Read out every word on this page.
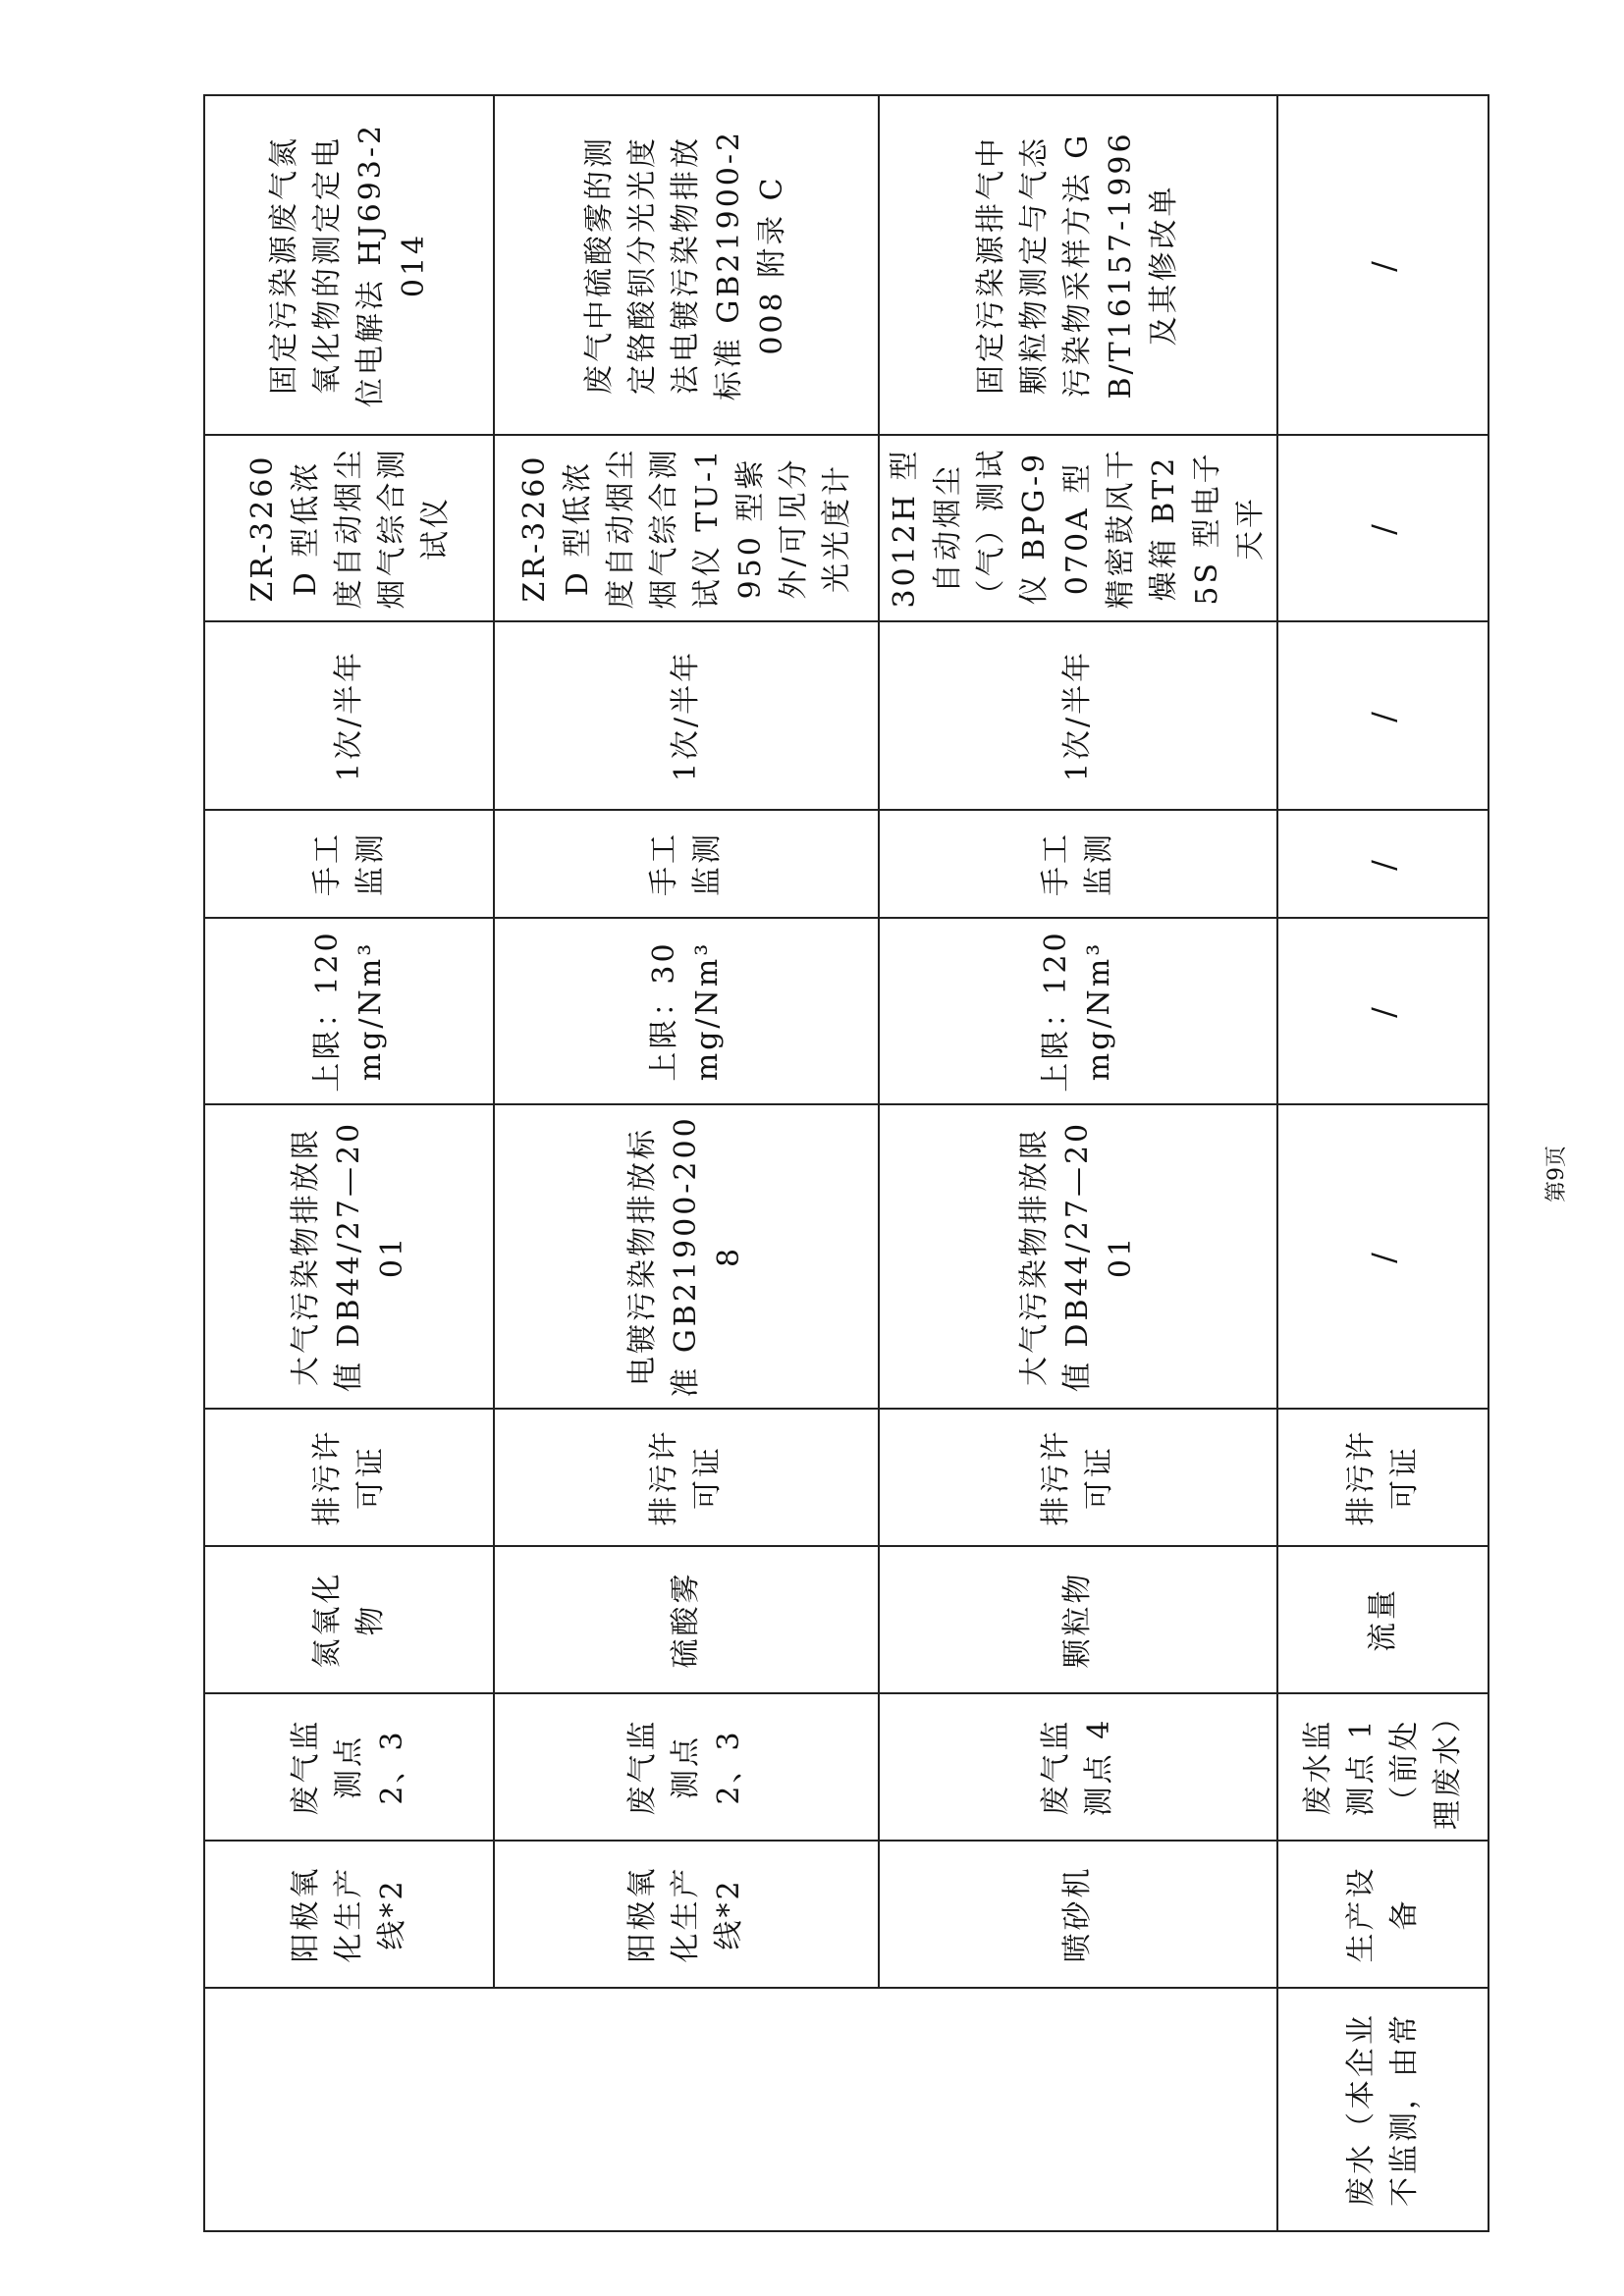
	阳极氧化生产线*2	废气监测点 2、3	氮氧化物	排污许可证	大气污染物排放限值 DB44/27—2001	上限：120mg/Nm³	手工监测	1次/半年	ZR-3260D 型低浓度自动烟尘烟气综合测试仪	固定污染源废气氮氧化物的测定定电位电解法 HJ693-2014
	阳极氧化生产线*2	废气监测点 2、3	硫酸雾	排污许可证	电镀污染物排放标准 GB21900-2008	上限：30mg/Nm³	手工监测	1次/半年	ZR-3260D 型低浓度自动烟尘烟气综合测试仪 TU-1950 型紫外/可见分光光度计	废气中硫酸雾的测定铬酸钡分光光度法电镀污染物排放标准 GB21900-2008 附录 C
	喷砂机	废气监测点 4	颗粒物	排污许可证	大气污染物排放限值 DB44/27—2001	上限：120mg/Nm³	手工监测	1次/半年	3012H 型自动烟尘（气）测试仪 BPG-9070A 型精密鼓风干燥箱 BT25S 型电子天平	固定污染源排气中颗粒物测定与气态污染物采样方法 GB/T16157-1996 及其修改单
废水（本企业不监测，由常	生产设备	废水监测点 1（前处理废水）	流量	排污许可证	/	/	/	/	/	/
第9页
